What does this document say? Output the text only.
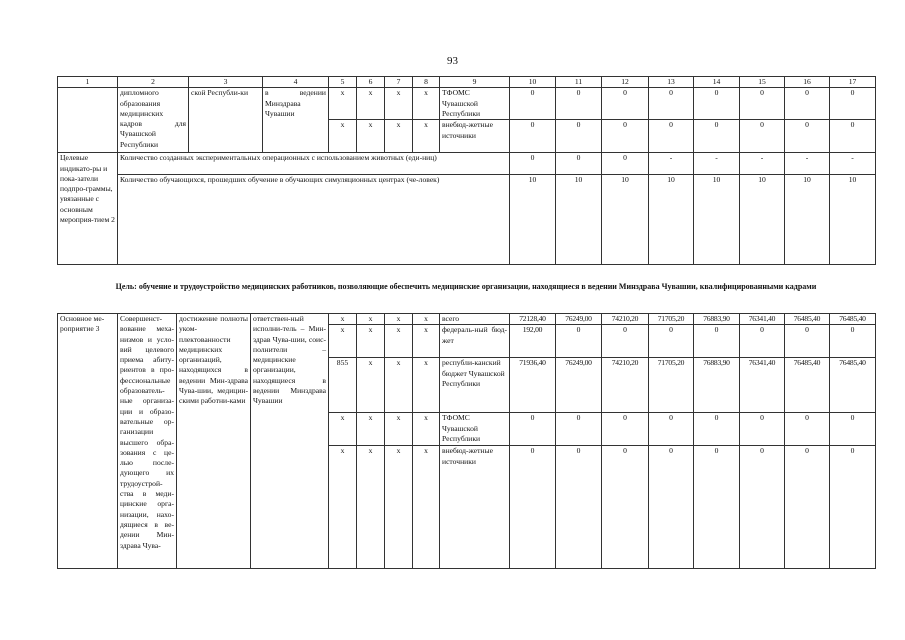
93
1	2	3	4	5	6	7	8	9	10	11	12	13	14	15	16	17
	дипломного образования медицинских кадров для Чувашской Республики	ской Республи-ки	в ведении Минздрава Чувашии	x	x	x	x	ТФОМС Чувашской Республики	0	0	0	0	0	0	0	0
				x	x	x	x	внебюд-жетные источники	0	0	0	0	0	0	0	0
Целевые индикато-ры и пока-затели подпро-граммы, увязанные с основным мероприя-тием 2	Количество созданных экспериментальных операционных с использованием животных (еди-ниц)								0	0	0	-	-	-	-	-
	Количество обучающихся, прошедших обучение в обучающих симуляционных центрах (че-ловек)								10	10	10	10	10	10	10	10
Цель: обучение и трудоустройство медицинских работников, позволяющие обеспечить медицинские организации, находящиеся в ведении Минздрава Чувашии, квалифицированными кадрами
Основное ме-роприятие 3	Совершенст-вование меха-низмов и усло-вий целевого приема абиту-риентов в про-фессиональные образователь-ные организа-ции и образо-вательные ор-ганизации высшего обра-зования с це-лью после-дующего их трудоустрой-ства в меди-цинские орга-низации, нахо-дящиеся в ве-дении Мин-здрава Чува-	достижение полноты уком-плектованности медицинских организаций, находящихся в ведении Мин-здрава Чува-шии, медицин-скими работни-ками	ответствен-ный исполни-тель – Мин-здрав Чува-шии, соис-полнители – медицинские организации, находящиеся в ведении Минздрава Чувашии	x	x	x	x	всего	72128,40	76249,00	74210,20	71705,20	76883,90	76341,40	76485,40	76485,40
				x	x	x	x	федераль-ный бюд-жет	192,00	0	0	0	0	0	0	0
				855	x	x	x	республи-канский бюджет Чувашской Республики	71936,40	76249,00	74210,20	71705,20	76883,90	76341,40	76485,40	76485,40
				x	x	x	x	ТФОМС Чувашской Республики	0	0	0	0	0	0	0	0
				x	x	x	x	внебюд-жетные источники	0	0	0	0	0	0	0	0
